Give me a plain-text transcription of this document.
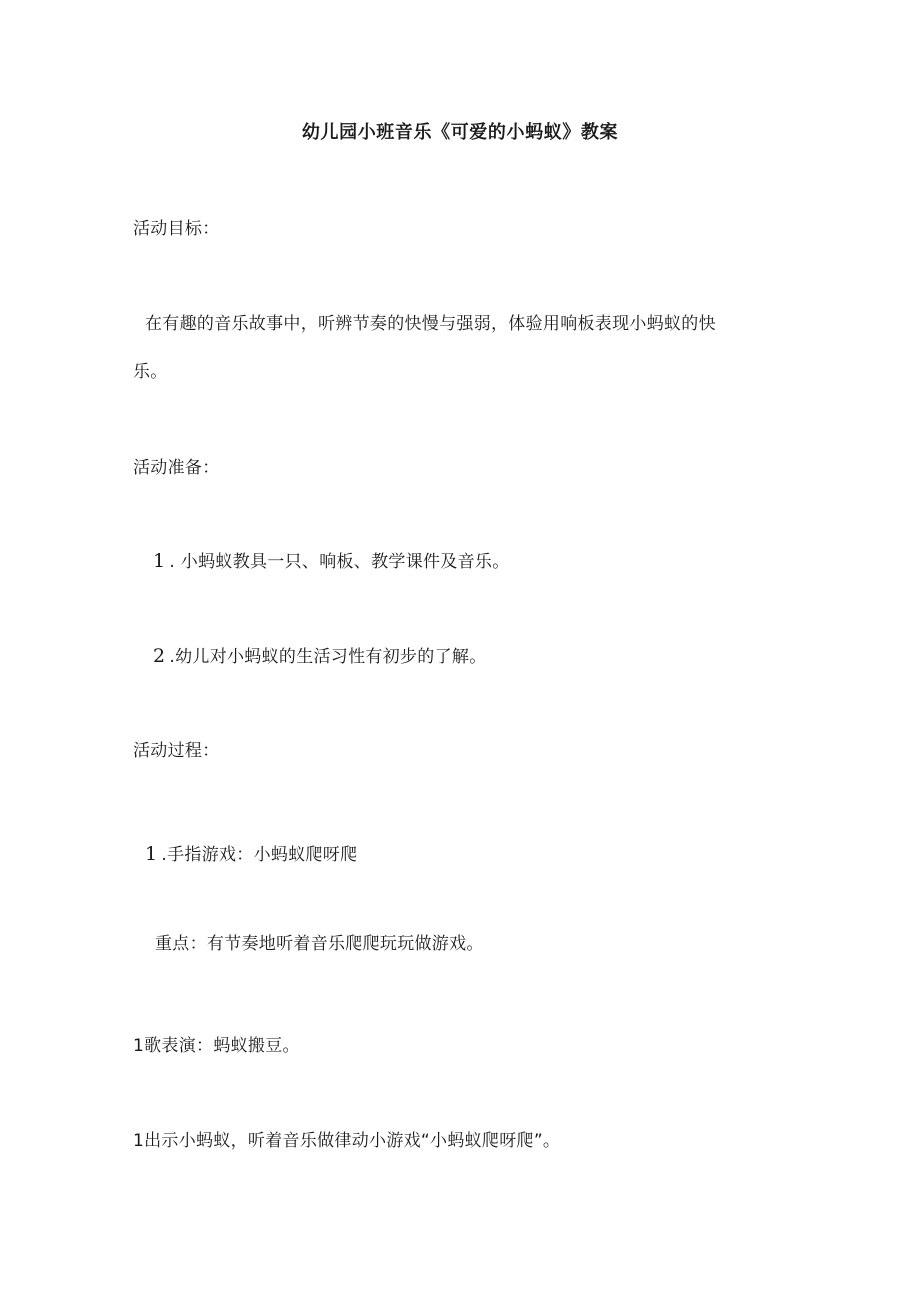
幼儿园小班音乐《可爱的小蚂蚁》教案
活动目标：
在有趣的音乐故事中，听辨节奏的快慢与强弱，体验用响板表现小蚂蚁的快
乐。
活动准备：
1 . 小蚂蚁教具一只、响板、教学课件及音乐。
2 .幼儿对小蚂蚁的生活习性有初步的了解。
活动过程：
1 .手指游戏：小蚂蚁爬呀爬
重点：有节奏地听着音乐爬爬玩玩做游戏。
1歌表演：蚂蚁搬豆。
1出示小蚂蚁，听着音乐做律动小游戏“小蚂蚁爬呀爬”。
